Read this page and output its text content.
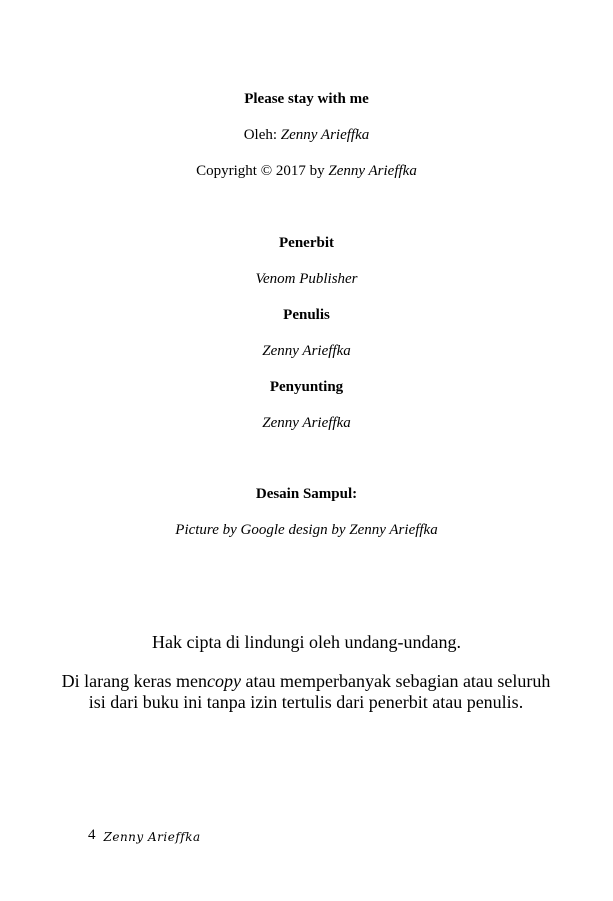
Please stay with me
Oleh: Zenny Arieffka
Copyright © 2017 by Zenny Arieffka
Penerbit
Venom Publisher
Penulis
Zenny Arieffka
Penyunting
Zenny Arieffka
Desain Sampul:
Picture by Google design by Zenny Arieffka
Hak cipta di lindungi oleh undang-undang.
Di larang keras mencopy atau memperbanyak sebagian atau seluruh isi dari buku ini tanpa izin tertulis dari penerbit atau penulis.
4 Zenny Arieffka
